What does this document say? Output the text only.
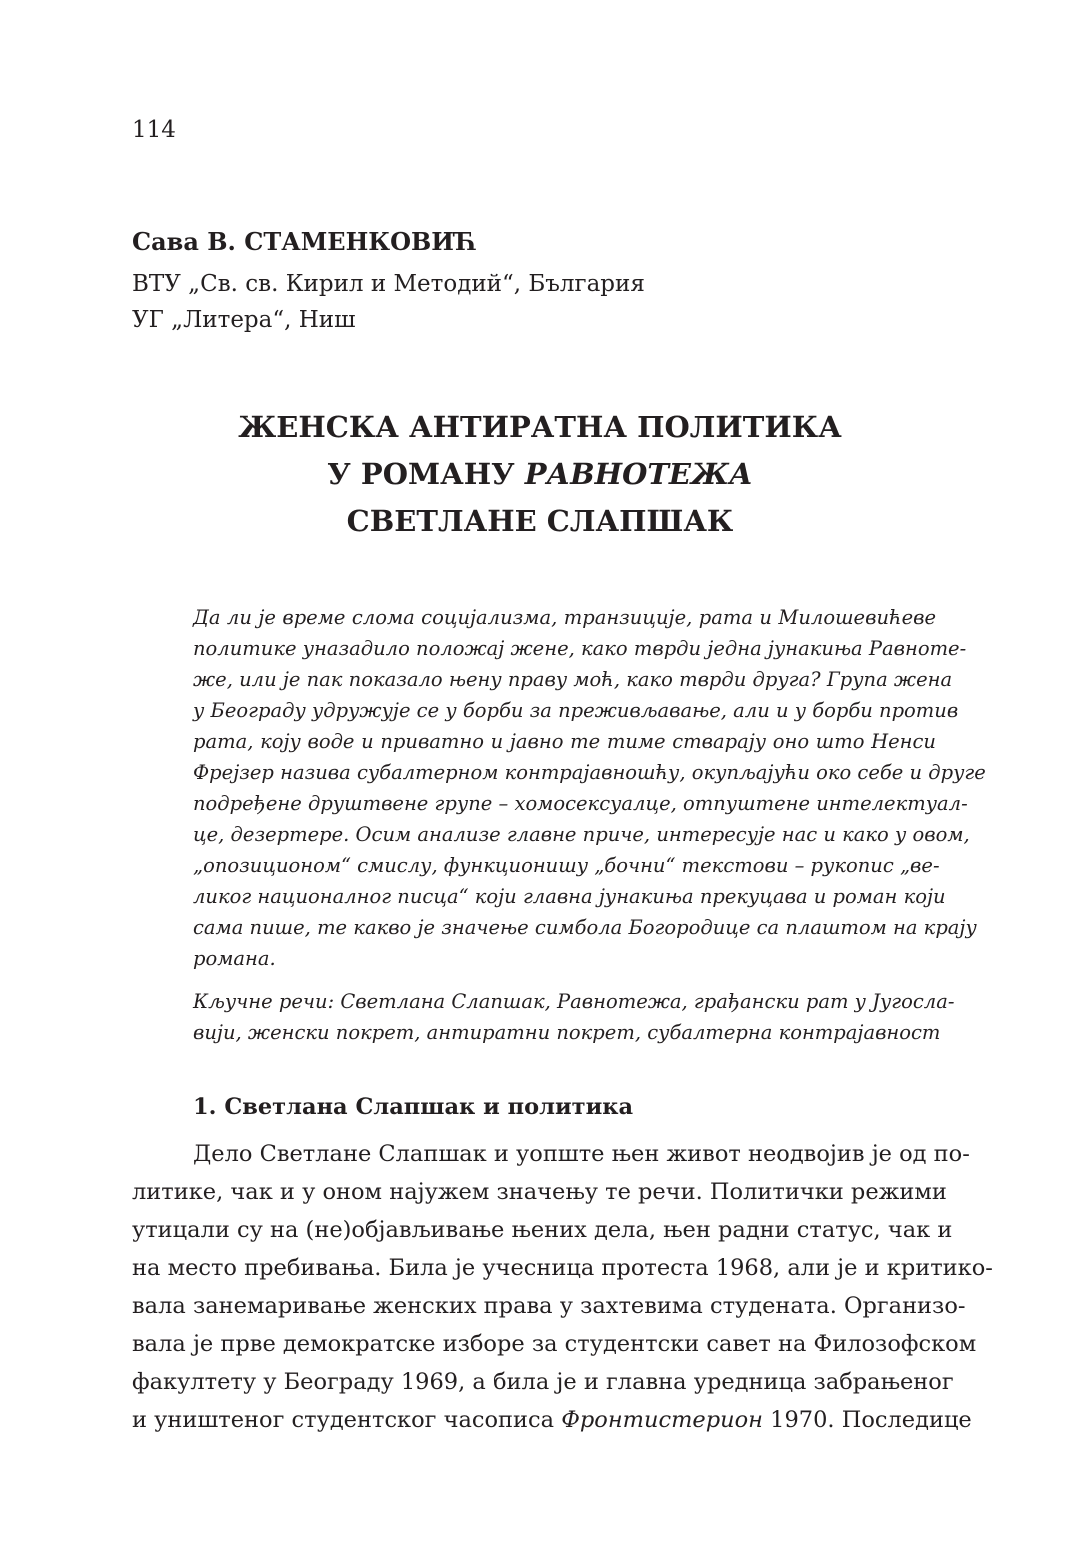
114
Сава В. СТАМЕНКОВИЋ
ВТУ „Св. св. Кирил и Методий“, България
УГ „Литера“, Ниш
ЖЕНСКА АНТИРАТНА ПОЛИТИКА
У РОМАНУ РАВНОТЕЖА
СВЕТЛАНЕ СЛАПШАК
Да ли је време слома социјализма, транзиције, рата и Милошевићеве
политике уназадило положај жене, како тврди једна јунакиња Равноте-
же, или је пак показало њену праву моћ, како тврди друга? Група жена
у Београду удружује се у борби за преживљавање, али и у борби против
рата, коју воде и приватно и јавно те тиме стварају оно што Ненси
Фрејзер назива субалтерном контрајавношћу, окупљајући око себе и друге
подређене друштвене групе – хомосексуалце, отпуштене интелектуал-
це, дезертере. Осим анализе главне приче, интересује нас и како у овом,
„опозиционом“ смислу, функционишу „бочни“ текстови – рукопис „ве-
ликог националног писца“ који главна јунакиња прекуцава и роман који
сама пише, те какво је значење симбола Богородице са плаштом на крају
романа.
Кључне речи: Светлана Слапшак, Равнотежа, грађански рат у Југосла-
вији, женски покрет, антиратни покрет, субалтерна контрајавност
1. Светлана Слапшак и политика
Дело Светлане Слапшак и уопште њен живот неодвојив је од по-
литике, чак и у оном најужем значењу те речи. Политички режими
утицали су на (не)објављивање њених дела, њен радни статус, чак и
на место пребивања. Била је учесница протеста 1968, али је и критико-
вала занемаривање женских права у захтевима студената. Организо-
вала је прве демократске изборе за студентски савет на Филозофском
факултету у Београду 1969, а била је и главна уредница забрањеног
и уништеног студентског часописа Фронтистерион 1970. Последице
